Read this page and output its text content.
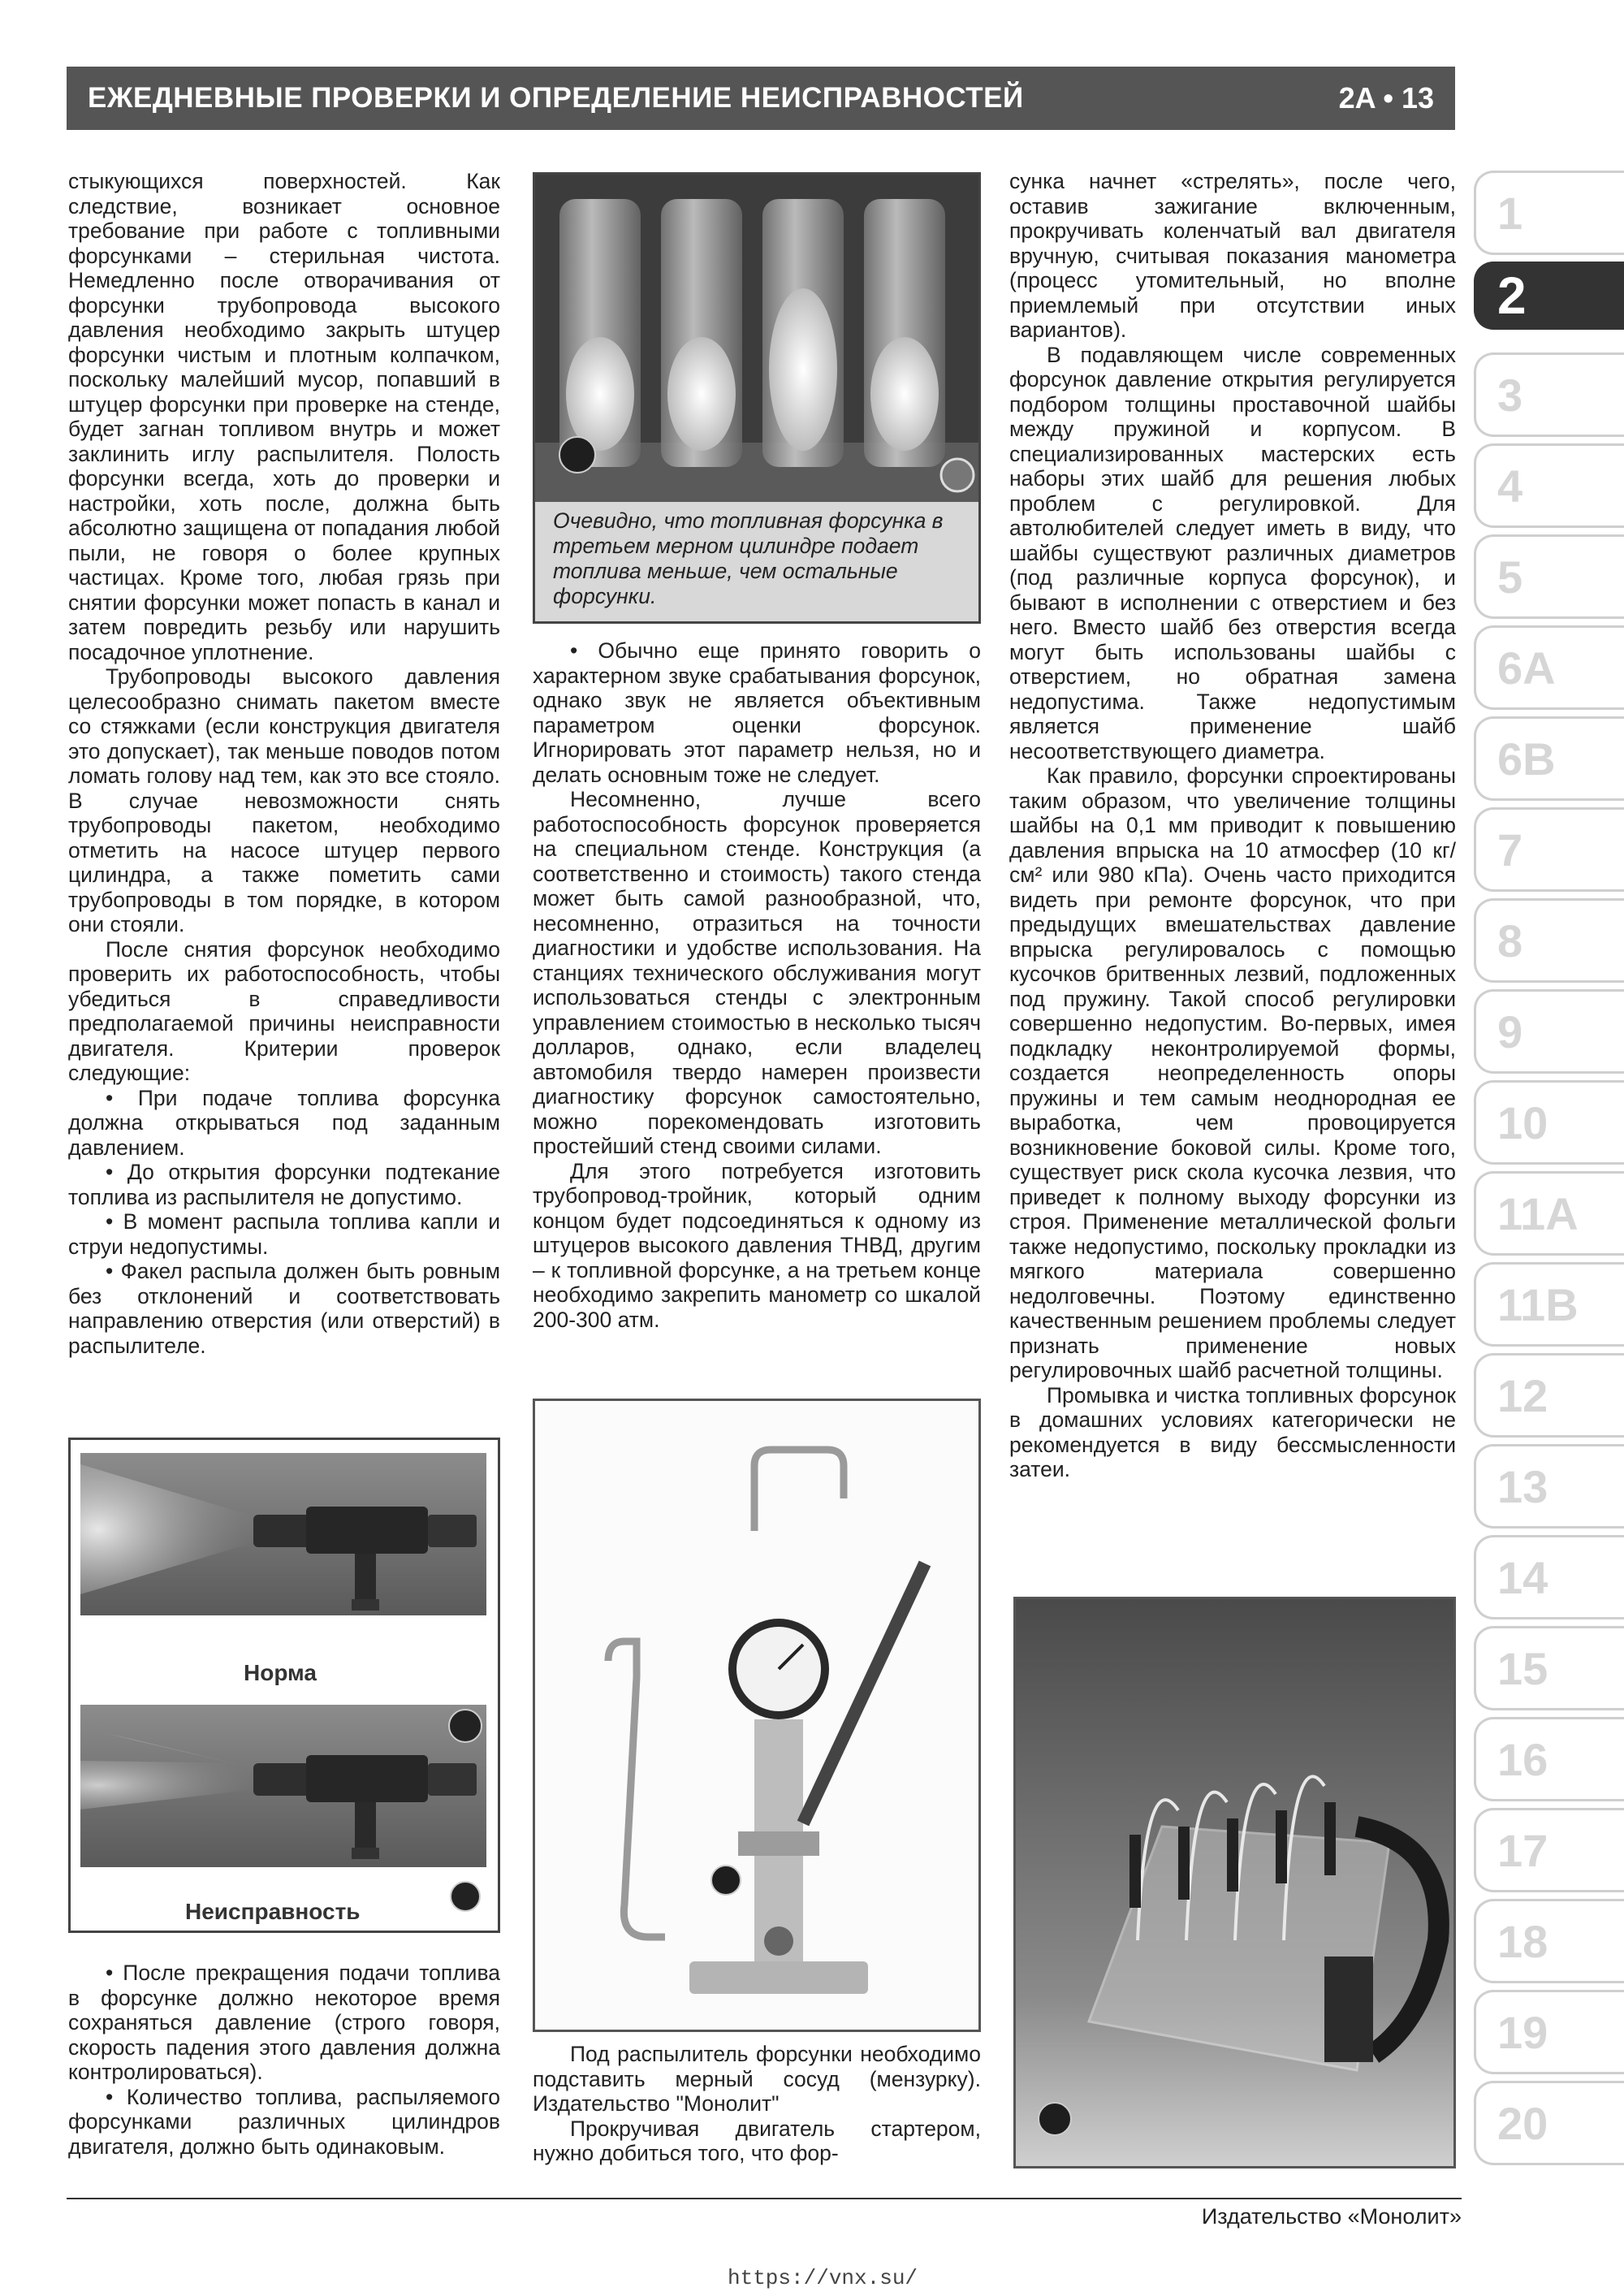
ЕЖЕДНЕВНЫЕ ПРОВЕРКИ И ОПРЕДЕЛЕНИЕ НЕИСПРАВНОСТЕЙ	2A • 13

стыкующихся поверхностей. Как следствие, возникает основное требование при работе с топливными форсунками – стерильная чистота. Немедленно после отворачивания от форсунки трубопровода высокого давления необходимо закрыть штуцер форсунки чистым и плотным колпачком, поскольку малейший мусор, попавший в штуцер форсунки при проверке на стенде, будет загнан топливом внутрь и может заклинить иглу распылителя. Полость форсунки всегда, хоть до проверки и настройки, хоть после, должна быть абсолютно защищена от попадания любой пыли, не говоря о более крупных частицах. Кроме того, любая грязь при снятии форсунки может попасть в канал и затем повредить резьбу или нарушить посадочное уплотнение.

Трубопроводы высокого давления целесообразно снимать пакетом вместе со стяжками (если конструкция двигателя это допускает), так меньше поводов потом ломать голову над тем, как это все стояло. В случае невозможности снять трубопроводы пакетом, необходимо отметить на насосе штуцер первого цилиндра, а также пометить сами трубопроводы в том порядке, в котором они стояли.

После снятия форсунок необходимо проверить их работоспособность, чтобы убедиться в справедливости предполагаемой причины неисправности двигателя. Критерии проверок следующие:

• При подаче топлива форсунка должна открываться под заданным давлением.

• До открытия форсунки подтекание топлива из распылителя не допустимо.

• В момент распыла топлива капли и струи недопустимы.

• Факел распыла должен быть ровным без отклонений и соответствовать направлению отверстия (или отверстий) в распылителе.

Норма
Неисправность

• После прекращения подачи топлива в форсунке должно некоторое время сохраняться давление (строго говоря, скорость падения этого давления должна контролироваться).

• Количество топлива, распыляемого форсунками различных цилиндров двигателя, должно быть одинаковым.

Очевидно, что топливная форсунка в третьем мерном цилиндре подает топлива меньше, чем остальные форсунки.

• Обычно еще принято говорить о характерном звуке срабатывания форсунок, однако звук не является объективным параметром оценки форсунок. Игнорировать этот параметр нельзя, но и делать основным тоже не следует.

Несомненно, лучше всего работоспособность форсунок проверяется на специальном стенде. Конструкция (а соответственно и стоимость) такого стенда может быть самой разнообразной, что, несомненно, отразиться на точности диагностики и удобстве использования. На станциях технического обслуживания могут использоваться стенды с электронным управлением стоимостью в несколько тысяч долларов, однако, если владелец автомобиля твердо намерен произвести диагностику форсунок самостоятельно, можно порекомендовать изготовить простейший стенд своими силами.

Для этого потребуется изготовить трубопровод-тройник, который одним концом будет подсоединяться к одному из штуцеров высокого давления ТНВД, другим – к топливной форсунке, а на третьем конце необходимо закрепить манометр со шкалой 200-300 атм.

Под распылитель форсунки необходимо подставить мерный сосуд (мензурку). Издательство "Монолит"

Прокручивая двигатель стартером, нужно добиться того, что фор-

сунка начнет «стрелять», после чего, оставив зажигание включенным, прокручивать коленчатый вал двигателя вручную, считывая показания манометра (процесс утомительный, но вполне приемлемый при отсутствии иных вариантов).

В подавляющем числе современных форсунок давление открытия регулируется подбором толщины проставочной шайбы между пружиной и корпусом. В специализированных мастерских есть наборы этих шайб для решения любых проблем с регулировкой. Для автолюбителей следует иметь в виду, что шайбы существуют различных диаметров (под различные корпуса форсунок), и бывают в исполнении с отверстием и без него. Вместо шайб без отверстия всегда могут быть использованы шайбы с отверстием, но обратная замена недопустима. Также недопустимым является применение шайб несоответствующего диаметра.

Как правило, форсунки спроектированы таким образом, что увеличение толщины шайбы на 0,1 мм приводит к повышению давления впрыска на 10 атмосфер (10 кг/см² или 980 кПа). Очень часто приходится видеть при ремонте форсунок, что при предыдущих вмешательствах давление впрыска регулировалось с помощью кусочков бритвенных лезвий, подложенных под пружину. Такой способ регулировки совершенно недопустим. Во-первых, имея подкладку неконтролируемой формы, создается неопределенность опоры пружины и тем самым неоднородная ее выработка, чем провоцируется возникновение боковой силы. Кроме того, существует риск скола кусочка лезвия, что приведет к полному выходу форсунки из строя. Применение металлической фольги также недопустимо, поскольку прокладки из мягкого материала совершенно недолговечны. Поэтому единственно качественным решением проблемы следует признать применение новых регулировочных шайб расчетной толщины.

Промывка и чистка топливных форсунок в домашних условиях категорически не рекомендуется в виду бессмысленности затеи.

1
2
3
4
5
6A
6B
7
8
9
10
11A
11B
12
13
14
15
16
17
18
19
20
Издательство «Монолит»
https://vnx.su/
